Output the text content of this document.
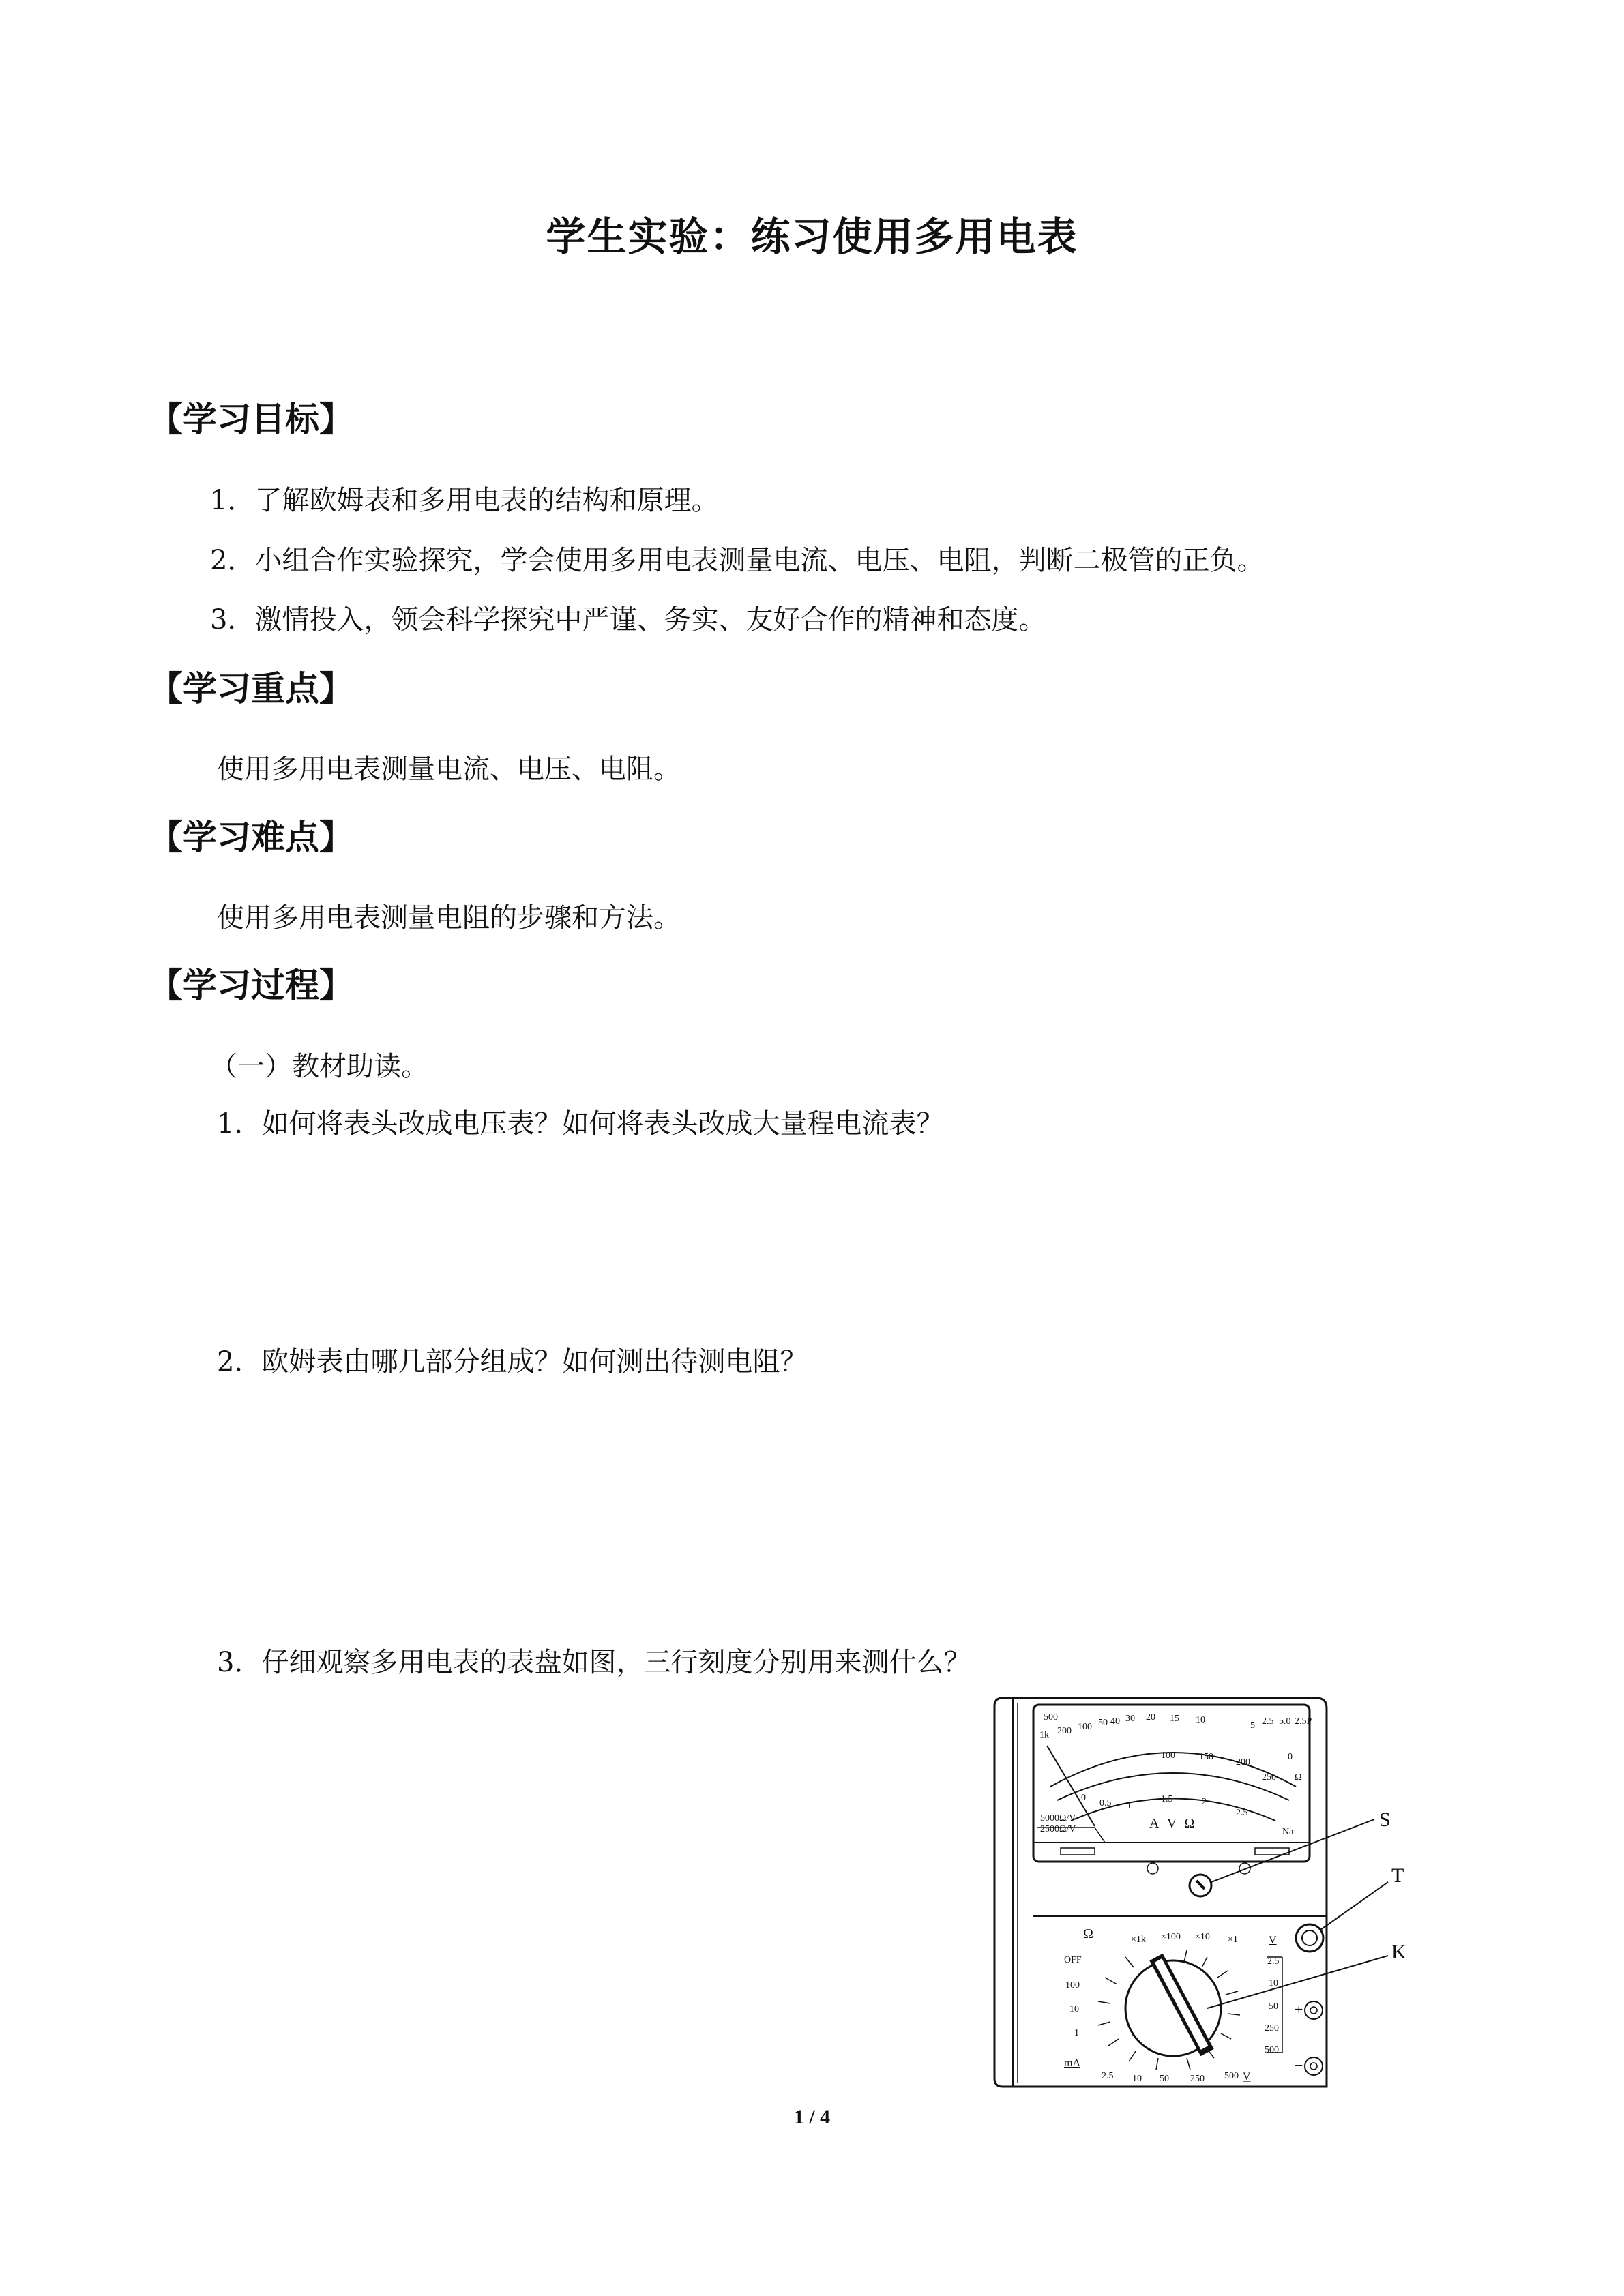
学生实验：练习使用多用电表
【学习目标】
1．了解欧姆表和多用电表的结构和原理。
2．小组合作实验探究，学会使用多用电表测量电流、电压、电阻，判断二极管的正负。
3．激情投入，领会科学探究中严谨、务实、友好合作的精神和态度。
【学习重点】
使用多用电表测量电流、电压、电阻。
【学习难点】
使用多用电表测量电阻的步骤和方法。
【学习过程】
（一）教材助读。
1．如何将表头改成电压表？如何将表头改成大量程电流表？
2．欧姆表由哪几部分组成？如何测出待测电阻？
3．仔细观察多用电表的表盘如图，三行刻度分别用来测什么？
500
1k 200 100 50 40 30 20 15 10
5
0
2.5 5.0 2.5P
100	150
200
250
0
0.5 1
1.5	2
2.5
Ω
5000Ω/V
2500Ω/V	Na
A−V−Ω
Ω	×1k ×100 ×10 ×1
OFF
100
10
1
mA
2.5 10 50 250 500 V
V
2.5
10
50
250
500
+
−
S
T
K
1 / 4
